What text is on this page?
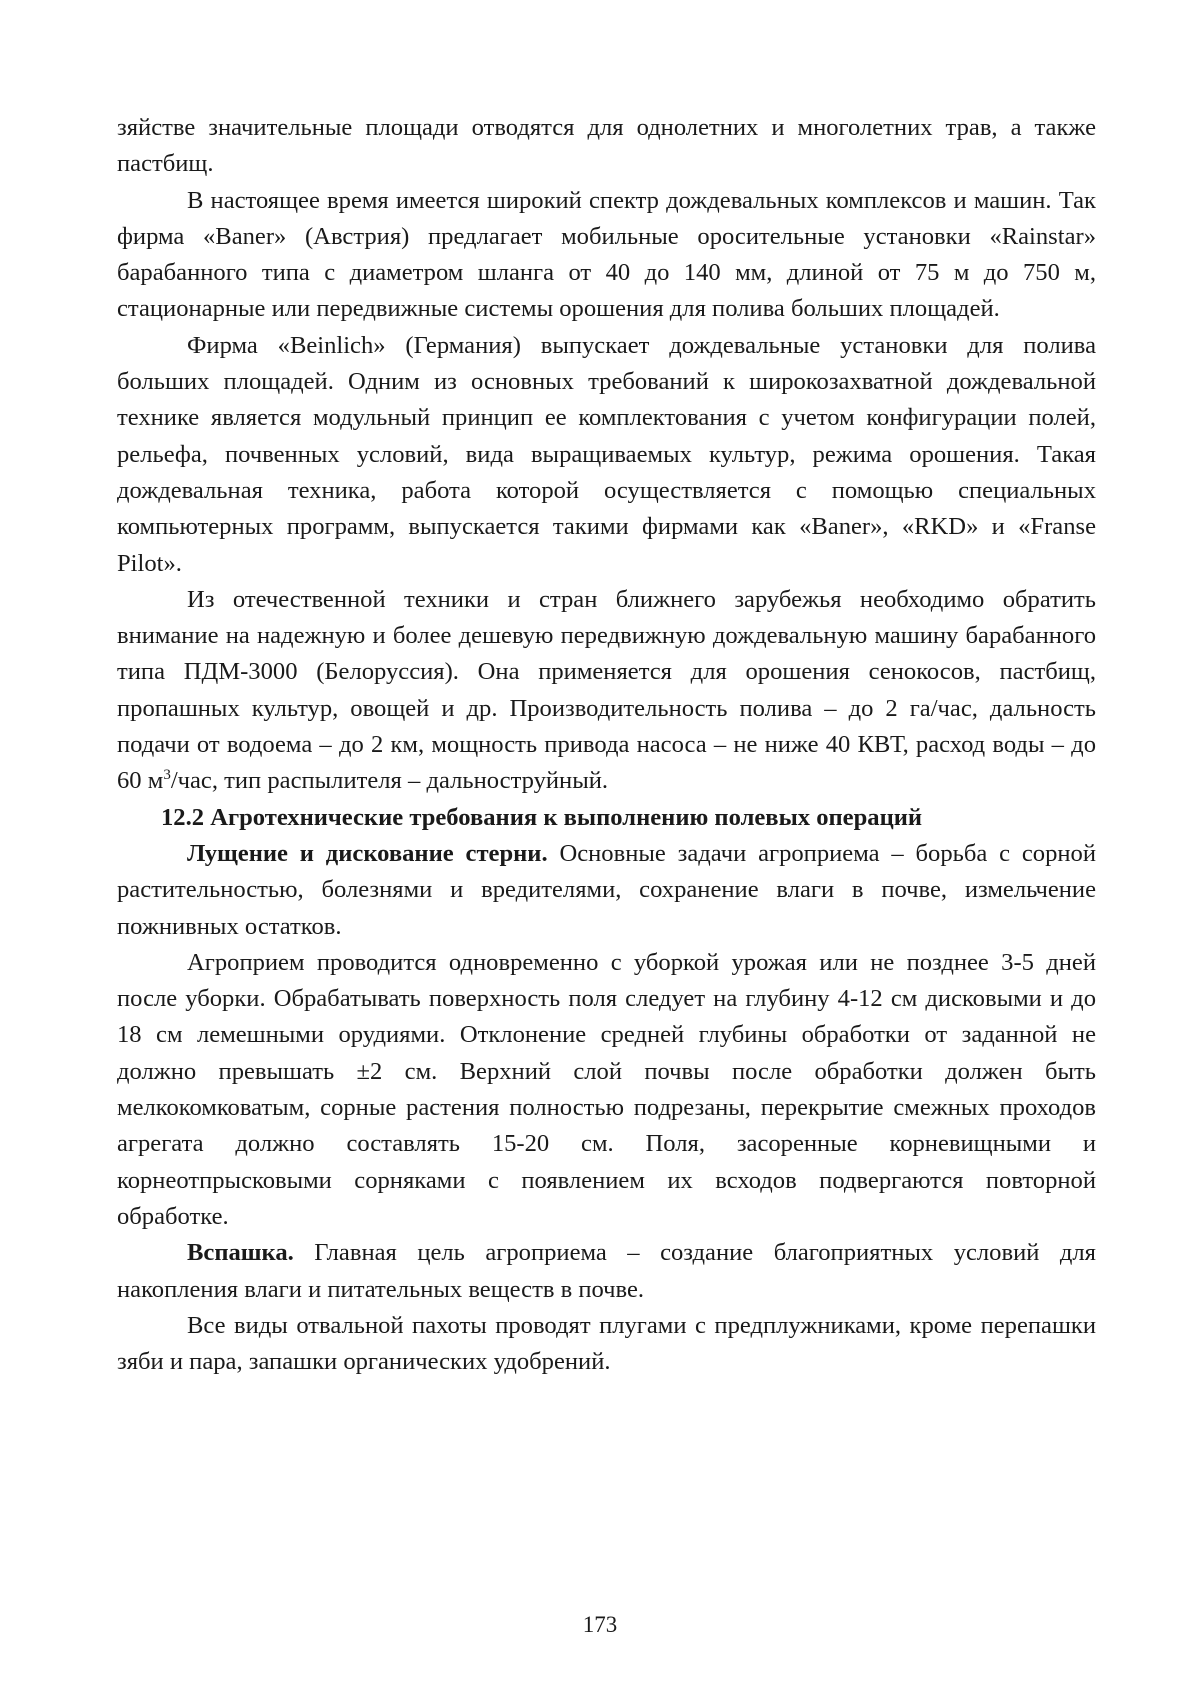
зяйстве значительные площади отводятся для однолетних и многолетних трав, а также пастбищ.

В настоящее время имеется широкий спектр дождевальных комплексов и машин. Так фирма «Baner» (Австрия) предлагает мобильные оросительные установки «Rainstar» барабанного типа с диаметром шланга от 40 до 140 мм, длиной от 75 м до 750 м, стационарные или передвижные системы орошения для полива больших площадей.

Фирма «Beinlich» (Германия) выпускает дождевальные установки для полива больших площадей. Одним из основных требований к широкозахватной дождевальной технике является модульный принцип ее комплектования с учетом конфигурации полей, рельефа, почвенных условий, вида выращиваемых культур, режима орошения. Такая дождевальная техника, работа которой осуществляется с помощью специальных компьютерных программ, выпускается такими фирмами как «Baner», «RKD» и «Franse Pilot».

Из отечественной техники и стран ближнего зарубежья необходимо обратить внимание на надежную и более дешевую передвижную дождевальную машину барабанного типа ПДМ-3000 (Белоруссия). Она применяется для орошения сенокосов, пастбищ, пропашных культур, овощей и др. Производительность полива – до 2 га/час, дальность подачи от водоема – до 2 км, мощность привода насоса – не ниже 40 КВТ, расход воды – до 60 $м^3$/час, тип распылителя – дальноструйный.

12.2 Агротехнические требования к выполнению полевых операций

Лущение и дискование стерни. Основные задачи агроприема – борьба с сорной растительностью, болезнями и вредителями, сохранение влаги в почве, измельчение пожнивных остатков.

Агроприем проводится одновременно с уборкой урожая или не позднее 3-5 дней после уборки. Обрабатывать поверхность поля следует на глубину 4-12 см дисковыми и до 18 см лемешными орудиями. Отклонение средней глубины обработки от заданной не должно превышать ±2 см. Верхний слой почвы после обработки должен быть мелкокомковатым, сорные растения полностью подрезаны, перекрытие смежных проходов агрегата должно составлять 15-20 см. Поля, засоренные корневищными и корнеотпрысковыми сорняками с появлением их всходов подвергаются повторной обработке.

Вспашка. Главная цель агроприема – создание благоприятных условий для накопления влаги и питательных веществ в почве.

Все виды отвальной пахоты проводят плугами с предплужниками, кроме перепашки зяби и пара, запашки органических удобрений.

173
